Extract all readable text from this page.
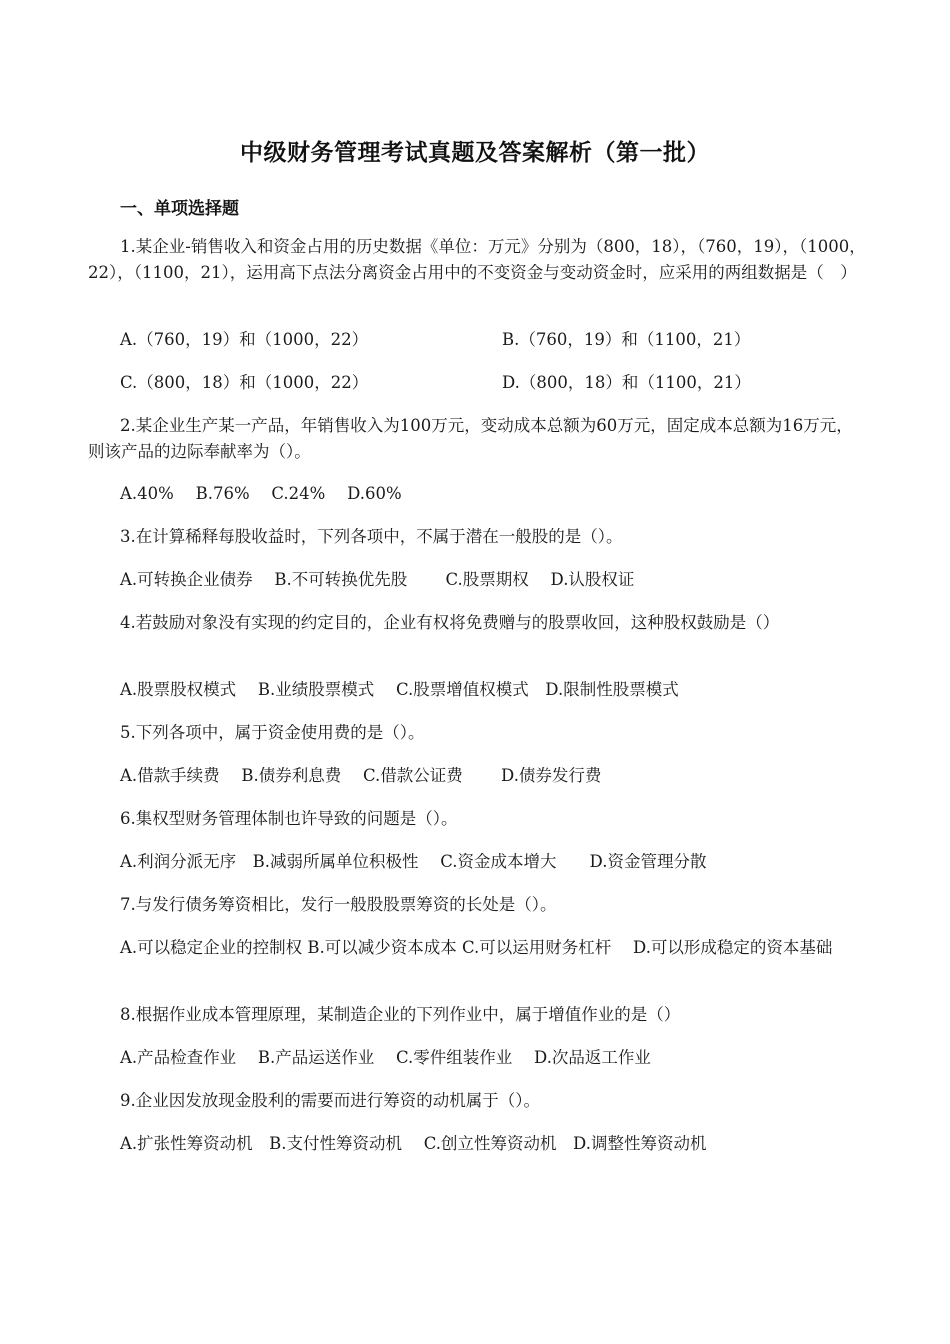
中级财务管理考试真题及答案解析（第一批）
一、单项选择题
1.某企业-销售收入和资金占用的历史数据《单位：万元》分别为（800，18），（760，19），（1000，22），（1100，21），运用高下点法分离资金占用中的不变资金与变动资金时，应采用的两组数据是（　）
A.（760，19）和（1000，22）	B.（760，19）和（1100，21）
C.（800，18）和（1000，22）	D.（800，18）和（1100，21）
2.某企业生产某一产品，年销售收入为100万元，变动成本总额为60万元，固定成本总额为16万元，则该产品的边际奉献率为（）。
A.40%　 B.76%　 C.24%　 D.60%
3.在计算稀释每股收益时，下列各项中，不属于潜在一般股的是（）。
A.可转换企业债券　 B.不可转换优先股　　 C.股票期权　 D.认股权证
4.若鼓励对象没有实现的约定目的，企业有权将免费赠与的股票收回，这种股权鼓励是（）
A.股票股权模式　 B.业绩股票模式　 C.股票增值权模式　D.限制性股票模式
5.下列各项中，属于资金使用费的是（）。
A.借款手续费　 B.债券利息费　 C.借款公证费　　 D.债券发行费
6.集权型财务管理体制也许导致的问题是（）。
A.利润分派无序　B.减弱所属单位积极性　 C.资金成本增大　　D.资金管理分散
7.与发行债务筹资相比，发行一般股股票筹资的长处是（）。
A.可以稳定企业的控制权 B.可以减少资本成本 C.可以运用财务杠杆　 D.可以形成稳定的资本基础
8.根据作业成本管理原理，某制造企业的下列作业中，属于增值作业的是（）
A.产品检查作业　 B.产品运送作业　 C.零件组装作业　 D.次品返工作业
9.企业因发放现金股利的需要而进行筹资的动机属于（）。
A.扩张性筹资动机　B.支付性筹资动机　 C.创立性筹资动机　D.调整性筹资动机
